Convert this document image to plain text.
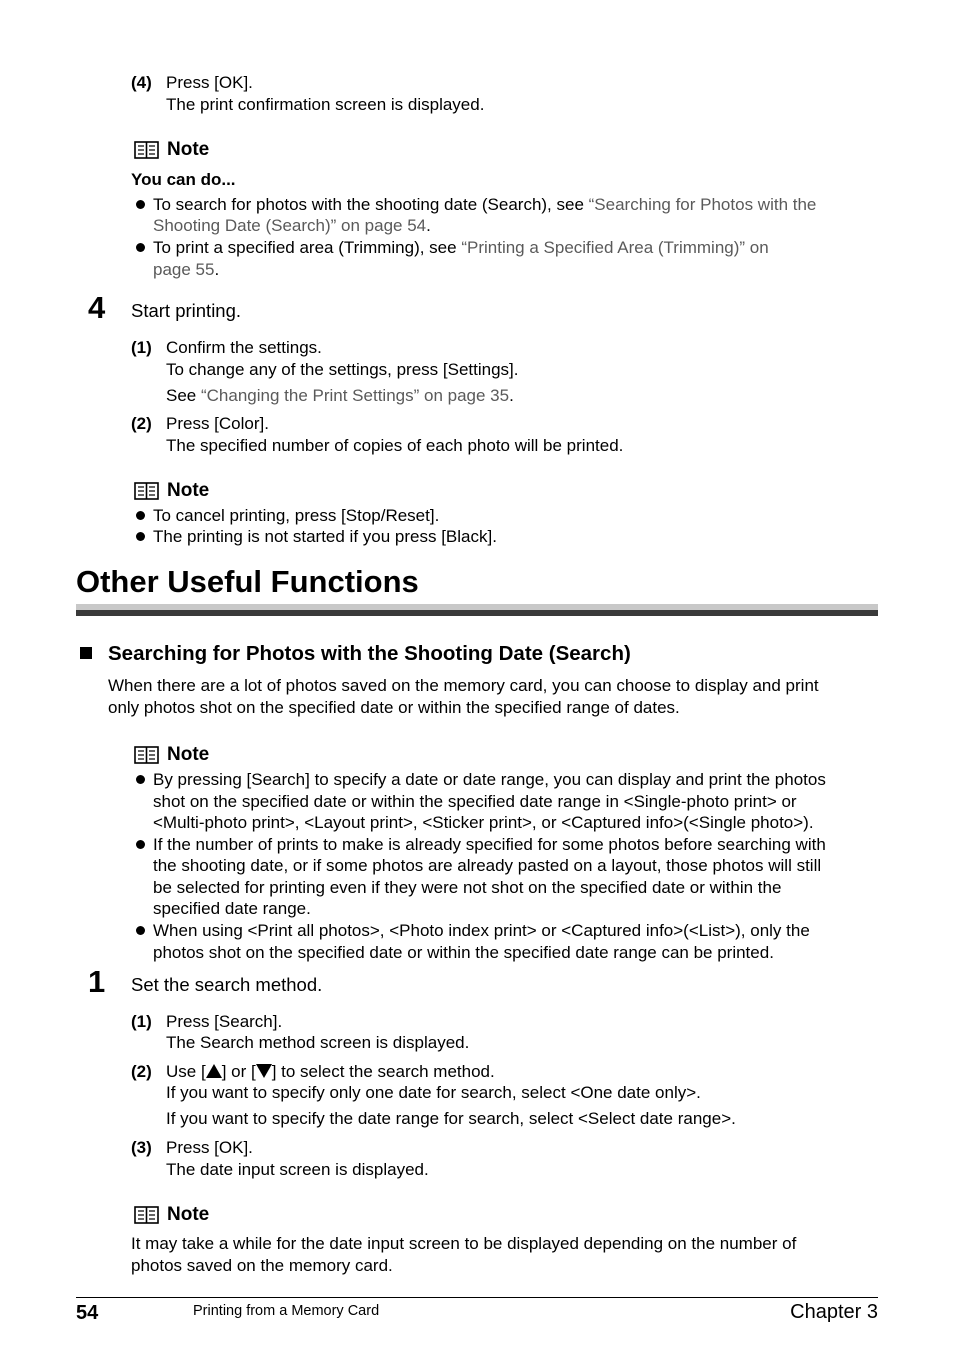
(4) Press [OK].
The print confirmation screen is displayed.
Note
You can do...
To search for photos with the shooting date (Search), see “Searching for Photos with the
Shooting Date (Search)” on page 54.
To print a specified area (Trimming), see “Printing a Specified Area (Trimming)” on
page 55.
4 Start printing.
(1) Confirm the settings.
To change any of the settings, press [Settings].
See “Changing the Print Settings” on page 35.
(2) Press [Color].
The specified number of copies of each photo will be printed.
Note
To cancel printing, press [Stop/Reset].
The printing is not started if you press [Black].
Other Useful Functions
Searching for Photos with the Shooting Date (Search)
When there are a lot of photos saved on the memory card, you can choose to display and print
only photos shot on the specified date or within the specified range of dates.
Note
By pressing [Search] to specify a date or date range, you can display and print the photos
shot on the specified date or within the specified date range in <Single-photo print> or
<Multi-photo print>, <Layout print>, <Sticker print>, or <Captured info>(<Single photo>).
If the number of prints to make is already specified for some photos before searching with
the shooting date, or if some photos are already pasted on a layout, those photos will still
be selected for printing even if they were not shot on the specified date or within the
specified date range.
When using <Print all photos>, <Photo index print> or <Captured info>(<List>), only the
photos shot on the specified date or within the specified date range can be printed.
1 Set the search method.
(1) Press [Search].
The Search method screen is displayed.
(2) Use [ ] or [ ] to select the search method.
If you want to specify only one date for search, select <One date only>.
If you want to specify the date range for search, select <Select date range>.
(3) Press [OK].
The date input screen is displayed.
Note
It may take a while for the date input screen to be displayed depending on the number of
photos saved on the memory card.
54	Printing from a Memory Card	Chapter 3
